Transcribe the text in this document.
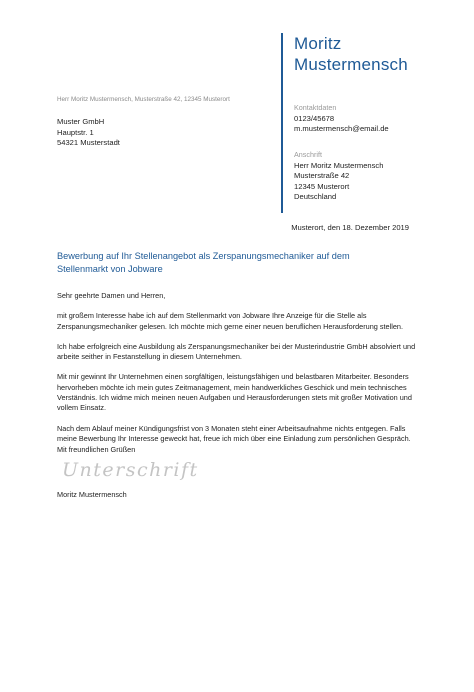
Moritz
Mustermensch
Herr Moritz Mustermensch, Musterstraße 42, 12345 Musterort
Muster GmbH
Hauptstr. 1
54321 Musterstadt
Kontaktdaten
0123/45678
m.mustermensch@email.de
Anschrift
Herr Moritz Mustermensch
Musterstraße 42
12345 Musterort
Deutschland
Musterort, den 18. Dezember 2019
Bewerbung auf Ihr Stellenangebot als Zerspanungsmechaniker auf dem Stellenmarkt von Jobware

Sehr geehrte Damen und Herren,

mit großem Interesse habe ich auf dem Stellenmarkt von Jobware Ihre Anzeige für die Stelle als Zerspanungsmechaniker gelesen. Ich möchte mich gerne einer neuen beruflichen Herausforderung stellen.

Ich habe erfolgreich eine Ausbildung als Zerspanungsmechaniker bei der Musterindustrie GmbH absolviert und arbeite seither in Festanstellung in diesem Unternehmen.

Mit mir gewinnt Ihr Unternehmen einen sorgfältigen, leistungsfähigen und belastbaren Mitarbeiter. Besonders hervorheben möchte ich mein gutes Zeitmanagement, mein handwerkliches Geschick und mein technisches Verständnis. Ich widme mich meinen neuen Aufgaben und Herausforderungen stets mit großer Motivation und vollem Einsatz.

Nach dem Ablauf meiner Kündigungsfrist von 3 Monaten steht einer Arbeitsaufnahme nichts entgegen. Falls meine Bewerbung Ihr Interesse geweckt hat, freue ich mich über eine Einladung zum persönlichen Gespräch.

Mit freundlichen Grüßen
Unterschrift
Moritz Mustermensch
